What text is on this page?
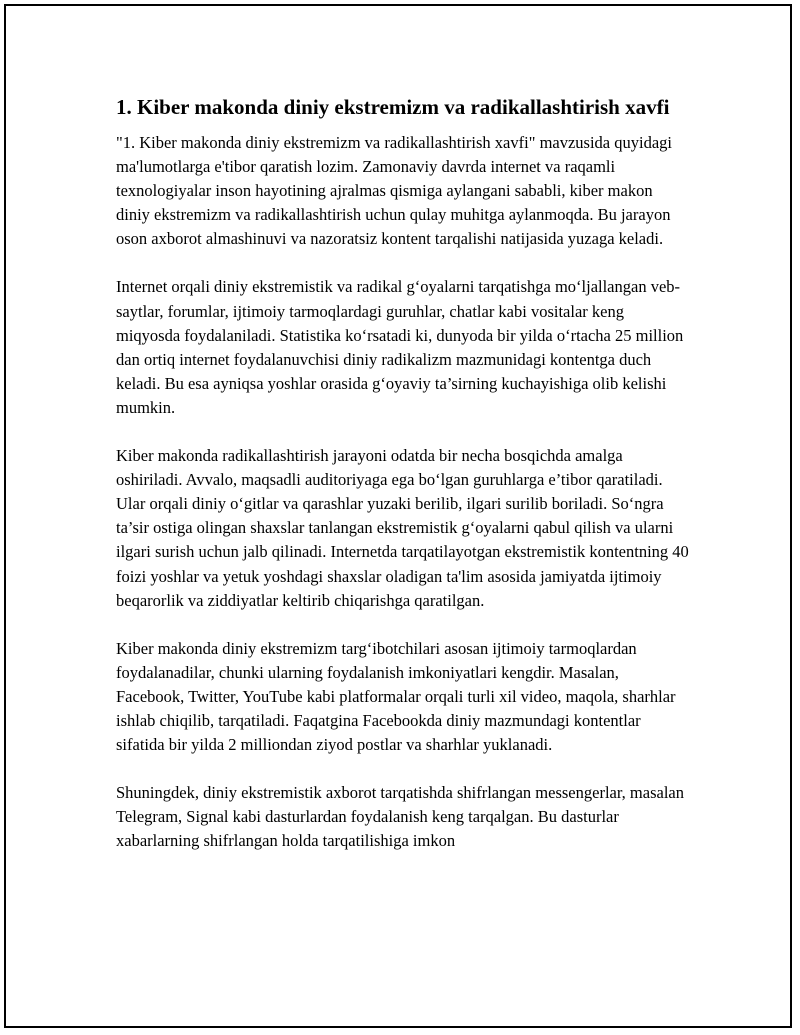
1. Kiber makonda diniy ekstremizm va radikallashtirish xavfi

"1. Kiber makonda diniy ekstremizm va radikallashtirish xavfi" mavzusida quyidagi ma'lumotlarga e'tibor qaratish lozim. Zamonaviy davrda internet va raqamli texnologiyalar inson hayotining ajralmas qismiga aylangani sababli, kiber makon diniy ekstremizm va radikallashtirish uchun qulay muhitga aylanmoqda. Bu jarayon oson axborot almashinuvi va nazoratsiz kontent tarqalishi natijasida yuzaga keladi.

Internet orqali diniy ekstremistik va radikal g‘oyalarni tarqatishga mo‘ljallangan veb-saytlar, forumlar, ijtimoiy tarmoqlardagi guruhlar, chatlar kabi vositalar keng miqyosda foydalaniladi. Statistika ko‘rsatadi ki, dunyoda bir yilda o‘rtacha 25 million dan ortiq internet foydalanuvchisi diniy radikalizm mazmunidagi kontentga duch keladi. Bu esa ayniqsa yoshlar orasida g‘oyaviy ta’sirning kuchayishiga olib kelishi mumkin.

Kiber makonda radikallashtirish jarayoni odatda bir necha bosqichda amalga oshiriladi. Avvalo, maqsadli auditoriyaga ega bo‘lgan guruhlarga e’tibor qaratiladi. Ular orqali diniy o‘gitlar va qarashlar yuzaki berilib, ilgari surilib boriladi. So‘ngra ta’sir ostiga olingan shaxslar tanlangan ekstremistik g‘oyalarni qabul qilish va ularni ilgari surish uchun jalb qilinadi. Internetda tarqatilayotgan ekstremistik kontentning 40 foizi yoshlar va yetuk yoshdagi shaxslar oladigan ta'lim asosida jamiyatda ijtimoiy beqarorlik va ziddiyatlar keltirib chiqarishga qaratilgan.

Kiber makonda diniy ekstremizm targ‘ibotchilari asosan ijtimoiy tarmoqlardan foydalanadilar, chunki ularning foydalanish imkoniyatlari kengdir. Masalan, Facebook, Twitter, YouTube kabi platformalar orqali turli xil video, maqola, sharhlar ishlab chiqilib, tarqatiladi. Faqatgina Facebookda diniy mazmundagi kontentlar sifatida bir yilda 2 milliondan ziyod postlar va sharhlar yuklanadi.

Shuningdek, diniy ekstremistik axborot tarqatishda shifrlangan messengerlar, masalan Telegram, Signal kabi dasturlardan foydalanish keng tarqalgan. Bu dasturlar xabarlarning shifrlangan holda tarqatilishiga imkon
